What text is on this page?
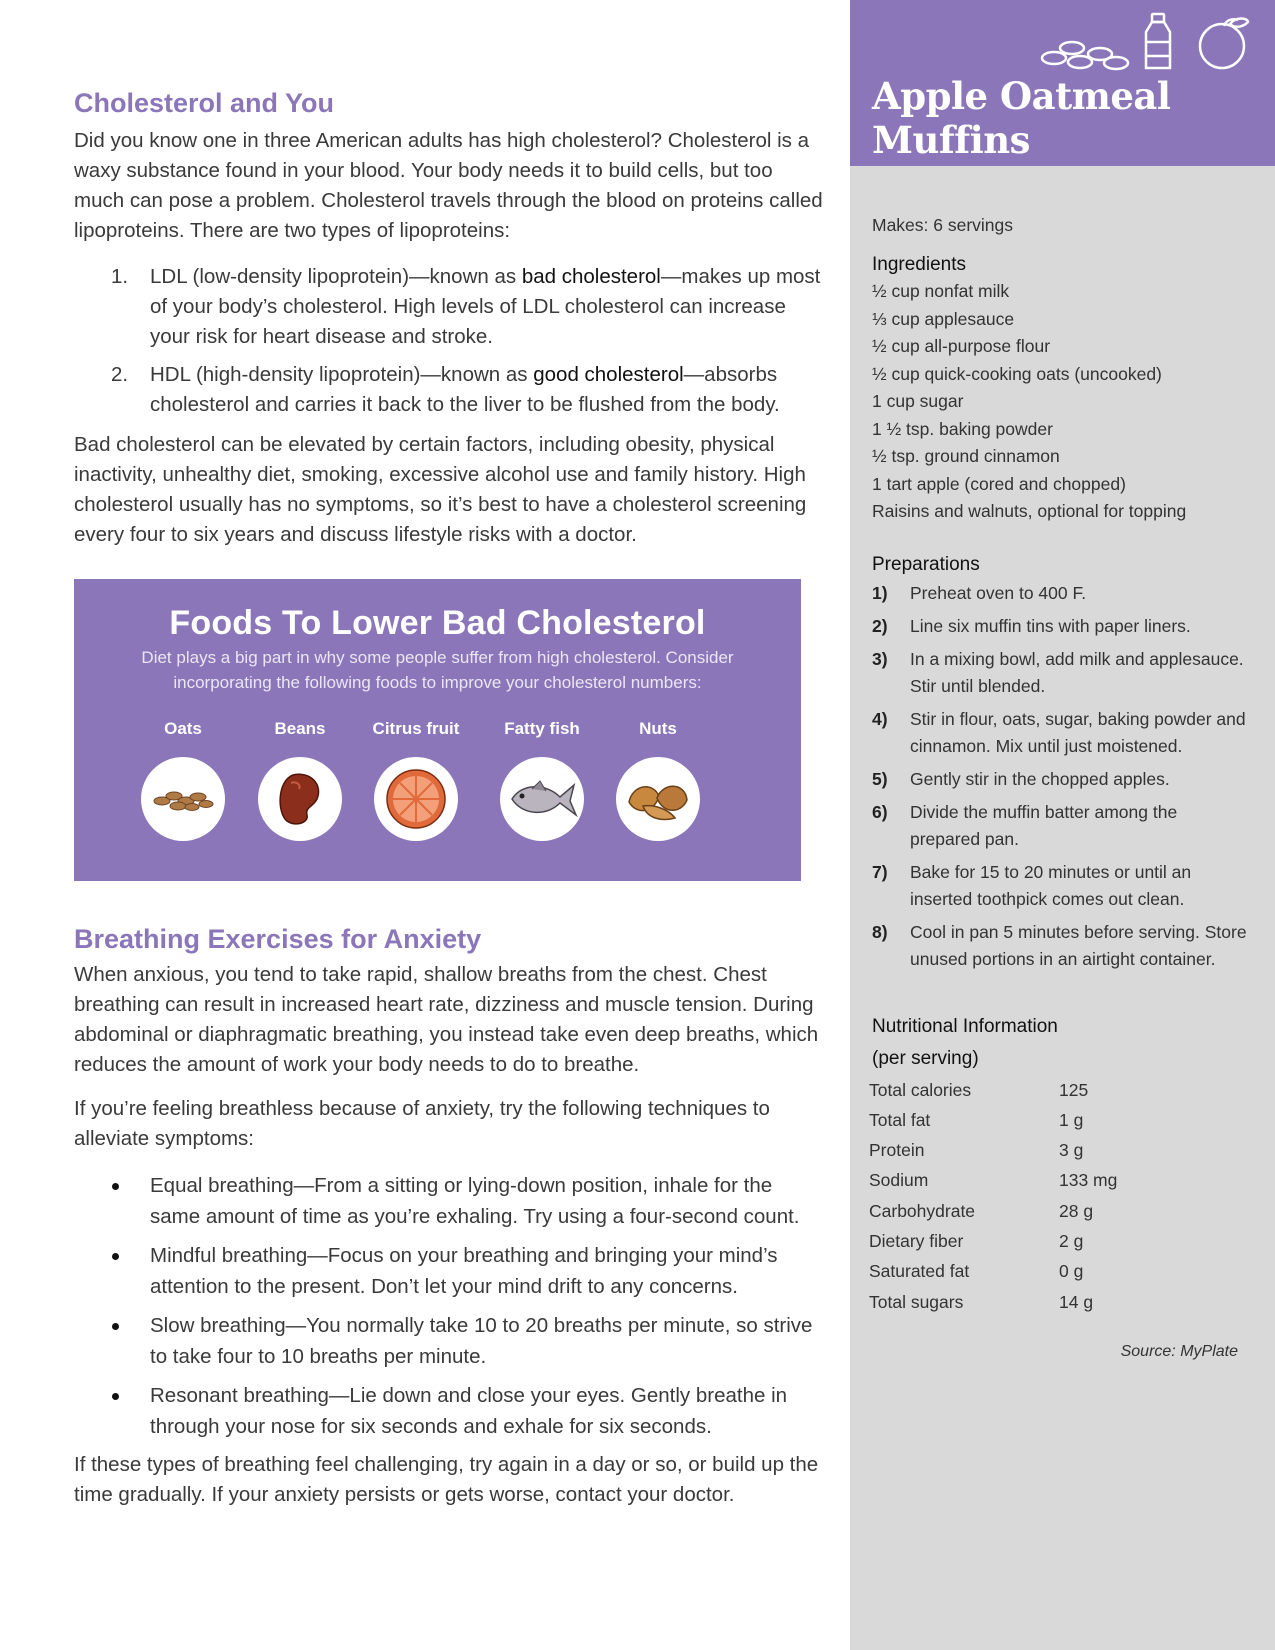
Cholesterol and You

Did you know one in three American adults has high cholesterol? Cholesterol is a waxy substance found in your blood. Your body needs it to build cells, but too much can pose a problem. Cholesterol travels through the blood on proteins called lipoproteins. There are two types of lipoproteins:

1. LDL (low-density lipoprotein)—known as bad cholesterol—makes up most of your body’s cholesterol. High levels of LDL cholesterol can increase your risk for heart disease and stroke.
2. HDL (high-density lipoprotein)—known as good cholesterol—absorbs cholesterol and carries it back to the liver to be flushed from the body.

Bad cholesterol can be elevated by certain factors, including obesity, physical inactivity, unhealthy diet, smoking, excessive alcohol use and family history. High cholesterol usually has no symptoms, so it’s best to have a cholesterol screening every four to six years and discuss lifestyle risks with a doctor.

Foods To Lower Bad Cholesterol
Diet plays a big part in why some people suffer from high cholesterol. Consider
incorporating the following foods to improve your cholesterol numbers:
Oats	Beans	Citrus fruit	Fatty fish	Nuts
Breathing Exercises for Anxiety

When anxious, you tend to take rapid, shallow breaths from the chest. Chest breathing can result in increased heart rate, dizziness and muscle tension. During abdominal or diaphragmatic breathing, you instead take even deep breaths, which reduces the amount of work your body needs to do to breathe.

If you’re feeling breathless because of anxiety, try the following techniques to alleviate symptoms:

Equal breathing—From a sitting or lying-down position, inhale for the same amount of time as you’re exhaling. Try using a four-second count.
Mindful breathing—Focus on your breathing and bringing your mind’s attention to the present. Don’t let your mind drift to any concerns.
Slow breathing—You normally take 10 to 20 breaths per minute, so strive to take four to 10 breaths per minute.
Resonant breathing—Lie down and close your eyes. Gently breathe in through your nose for six seconds and exhale for six seconds.

If these types of breathing feel challenging, try again in a day or so, or build up the time gradually. If your anxiety persists or gets worse, contact your doctor.

Apple Oatmeal
Muffins
Makes: 6 servings
Ingredients
½ cup nonfat milk
⅓ cup applesauce
½ cup all-purpose flour
½ cup quick-cooking oats (uncooked)
1 cup sugar
1 ½ tsp. baking powder
½ tsp. ground cinnamon
1 tart apple (cored and chopped)
Raisins and walnuts, optional for topping
Preparations
1) Preheat oven to 400 F.
2) Line six muffin tins with paper liners.
3) In a mixing bowl, add milk and applesauce. Stir until blended.
4) Stir in flour, oats, sugar, baking powder and cinnamon. Mix until just moistened.
5) Gently stir in the chopped apples.
6) Divide the muffin batter among the prepared pan.
7) Bake for 15 to 20 minutes or until an inserted toothpick comes out clean.
8) Cool in pan 5 minutes before serving. Store unused portions in an airtight container.
Nutritional Information
(per serving)
Total calories	125
Total fat	1 g
Protein	3 g
Sodium	133 mg
Carbohydrate	28 g
Dietary fiber	2 g
Saturated fat	0 g
Total sugars	14 g
Source: MyPlate
